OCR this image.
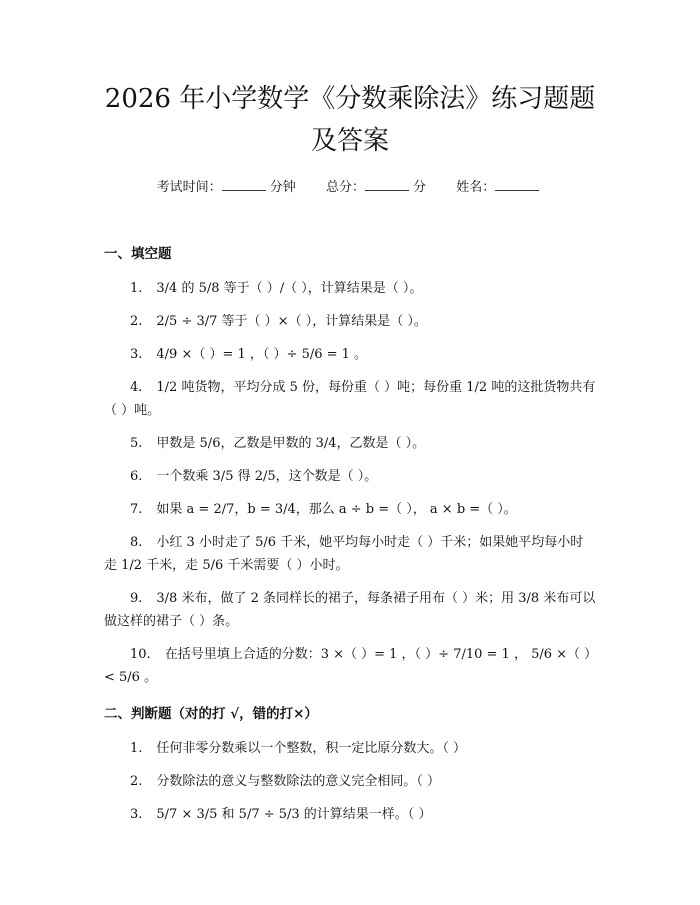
2026 年小学数学《分数乘除法》练习题题及答案
考试时间：	分钟 总分：	分 姓名：
一、填空题

1. 3/4 的 5/8 等于（ ）/（ ），计算结果是（ ）。

2. 2/5 ÷ 3/7 等于（ ）×（ ），计算结果是（ ）。

3. 4/9 ×（ ）= 1 ，（ ）÷ 5/6 = 1 。

4. 1/2 吨货物，平均分成 5 份，每份重（ ）吨；每份重 1/2 吨的这批货物共有（ ）吨。

5. 甲数是 5/6，乙数是甲数的 3/4，乙数是（ ）。

6. 一个数乘 3/5 得 2/5，这个数是（ ）。

7. 如果 a = 2/7，b = 3/4，那么 a ÷ b =（ ）， a × b =（ ）。

8. 小红 3 小时走了 5/6 千米，她平均每小时走（ ）千米；如果她平均每小时走 1/2 千米，走 5/6 千米需要（ ）小时。

9. 3/8 米布，做了 2 条同样长的裙子，每条裙子用布（ ）米；用 3/8 米布可以做这样的裙子（ ）条。

10. 在括号里填上合适的分数：3 ×（ ）= 1 ，（ ）÷ 7/10 = 1 ， 5/6 ×（ ）< 5/6 。

二、判断题（对的打 √，错的打×）

1. 任何非零分数乘以一个整数，积一定比原分数大。（ ）

2. 分数除法的意义与整数除法的意义完全相同。（ ）

3. 5/7 × 3/5 和 5/7 ÷ 5/3 的计算结果一样。（ ）
